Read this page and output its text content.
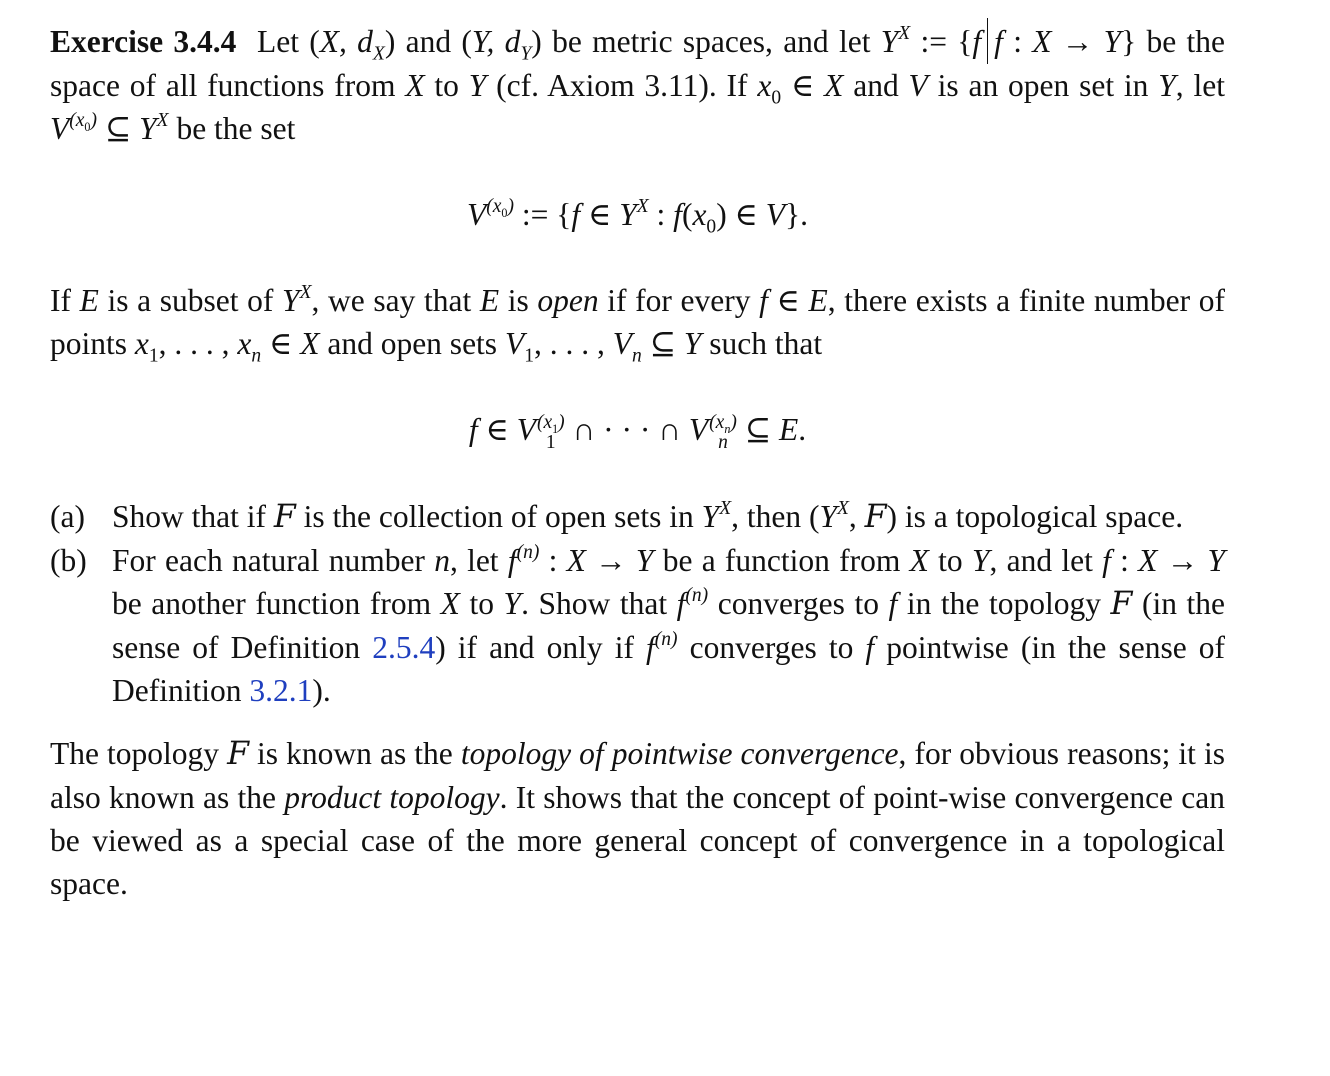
Exercise 3.4.4 Let (X, $d_X$) and (Y, $d_Y$) be metric spaces, and let $Y^X$ := {f f : X → Y} be the space of all functions from X to Y (cf. Axiom 3.11). If $x_0$ ∈ X and V is an open set in Y, let $V^{(x_0)}$ ⊆ $Y^X$ be the set

$V^{(x_0)}$ := {f ∈ $Y^X$ : $f(x_0)$ ∈ V}.

If E is a subset of $Y^X$, we say that E is open if for every f ∈ E, there exists a finite number of points $x_1$, . . . , $x_n$ ∈ X and open sets $V_1$, . . . , $V_n$ ⊆ Y such that

f ∈ V $(x_1)$
1 ∩ · · · ∩ V $(x_n)$
n ⊆ E.

(a) Show that if F is the collection of open sets in $Y^X$, then ($Y^X$, F) is a topological space.
(b) For each natural number n, let $f^{(n)}$ : X → Y be a function from X to Y, and let f : X → Y be another function from X to Y. Show that $f^{(n)}$ converges to f in the topology F (in the sense of Definition 2.5.4) if and only if $f^{(n)}$ converges to f pointwise (in the sense of Definition 3.2.1).

The topology F is known as the topology of pointwise convergence, for obvious reasons; it is also known as the product topology. It shows that the concept of point-wise convergence can be viewed as a special case of the more general concept of convergence in a topological space.
